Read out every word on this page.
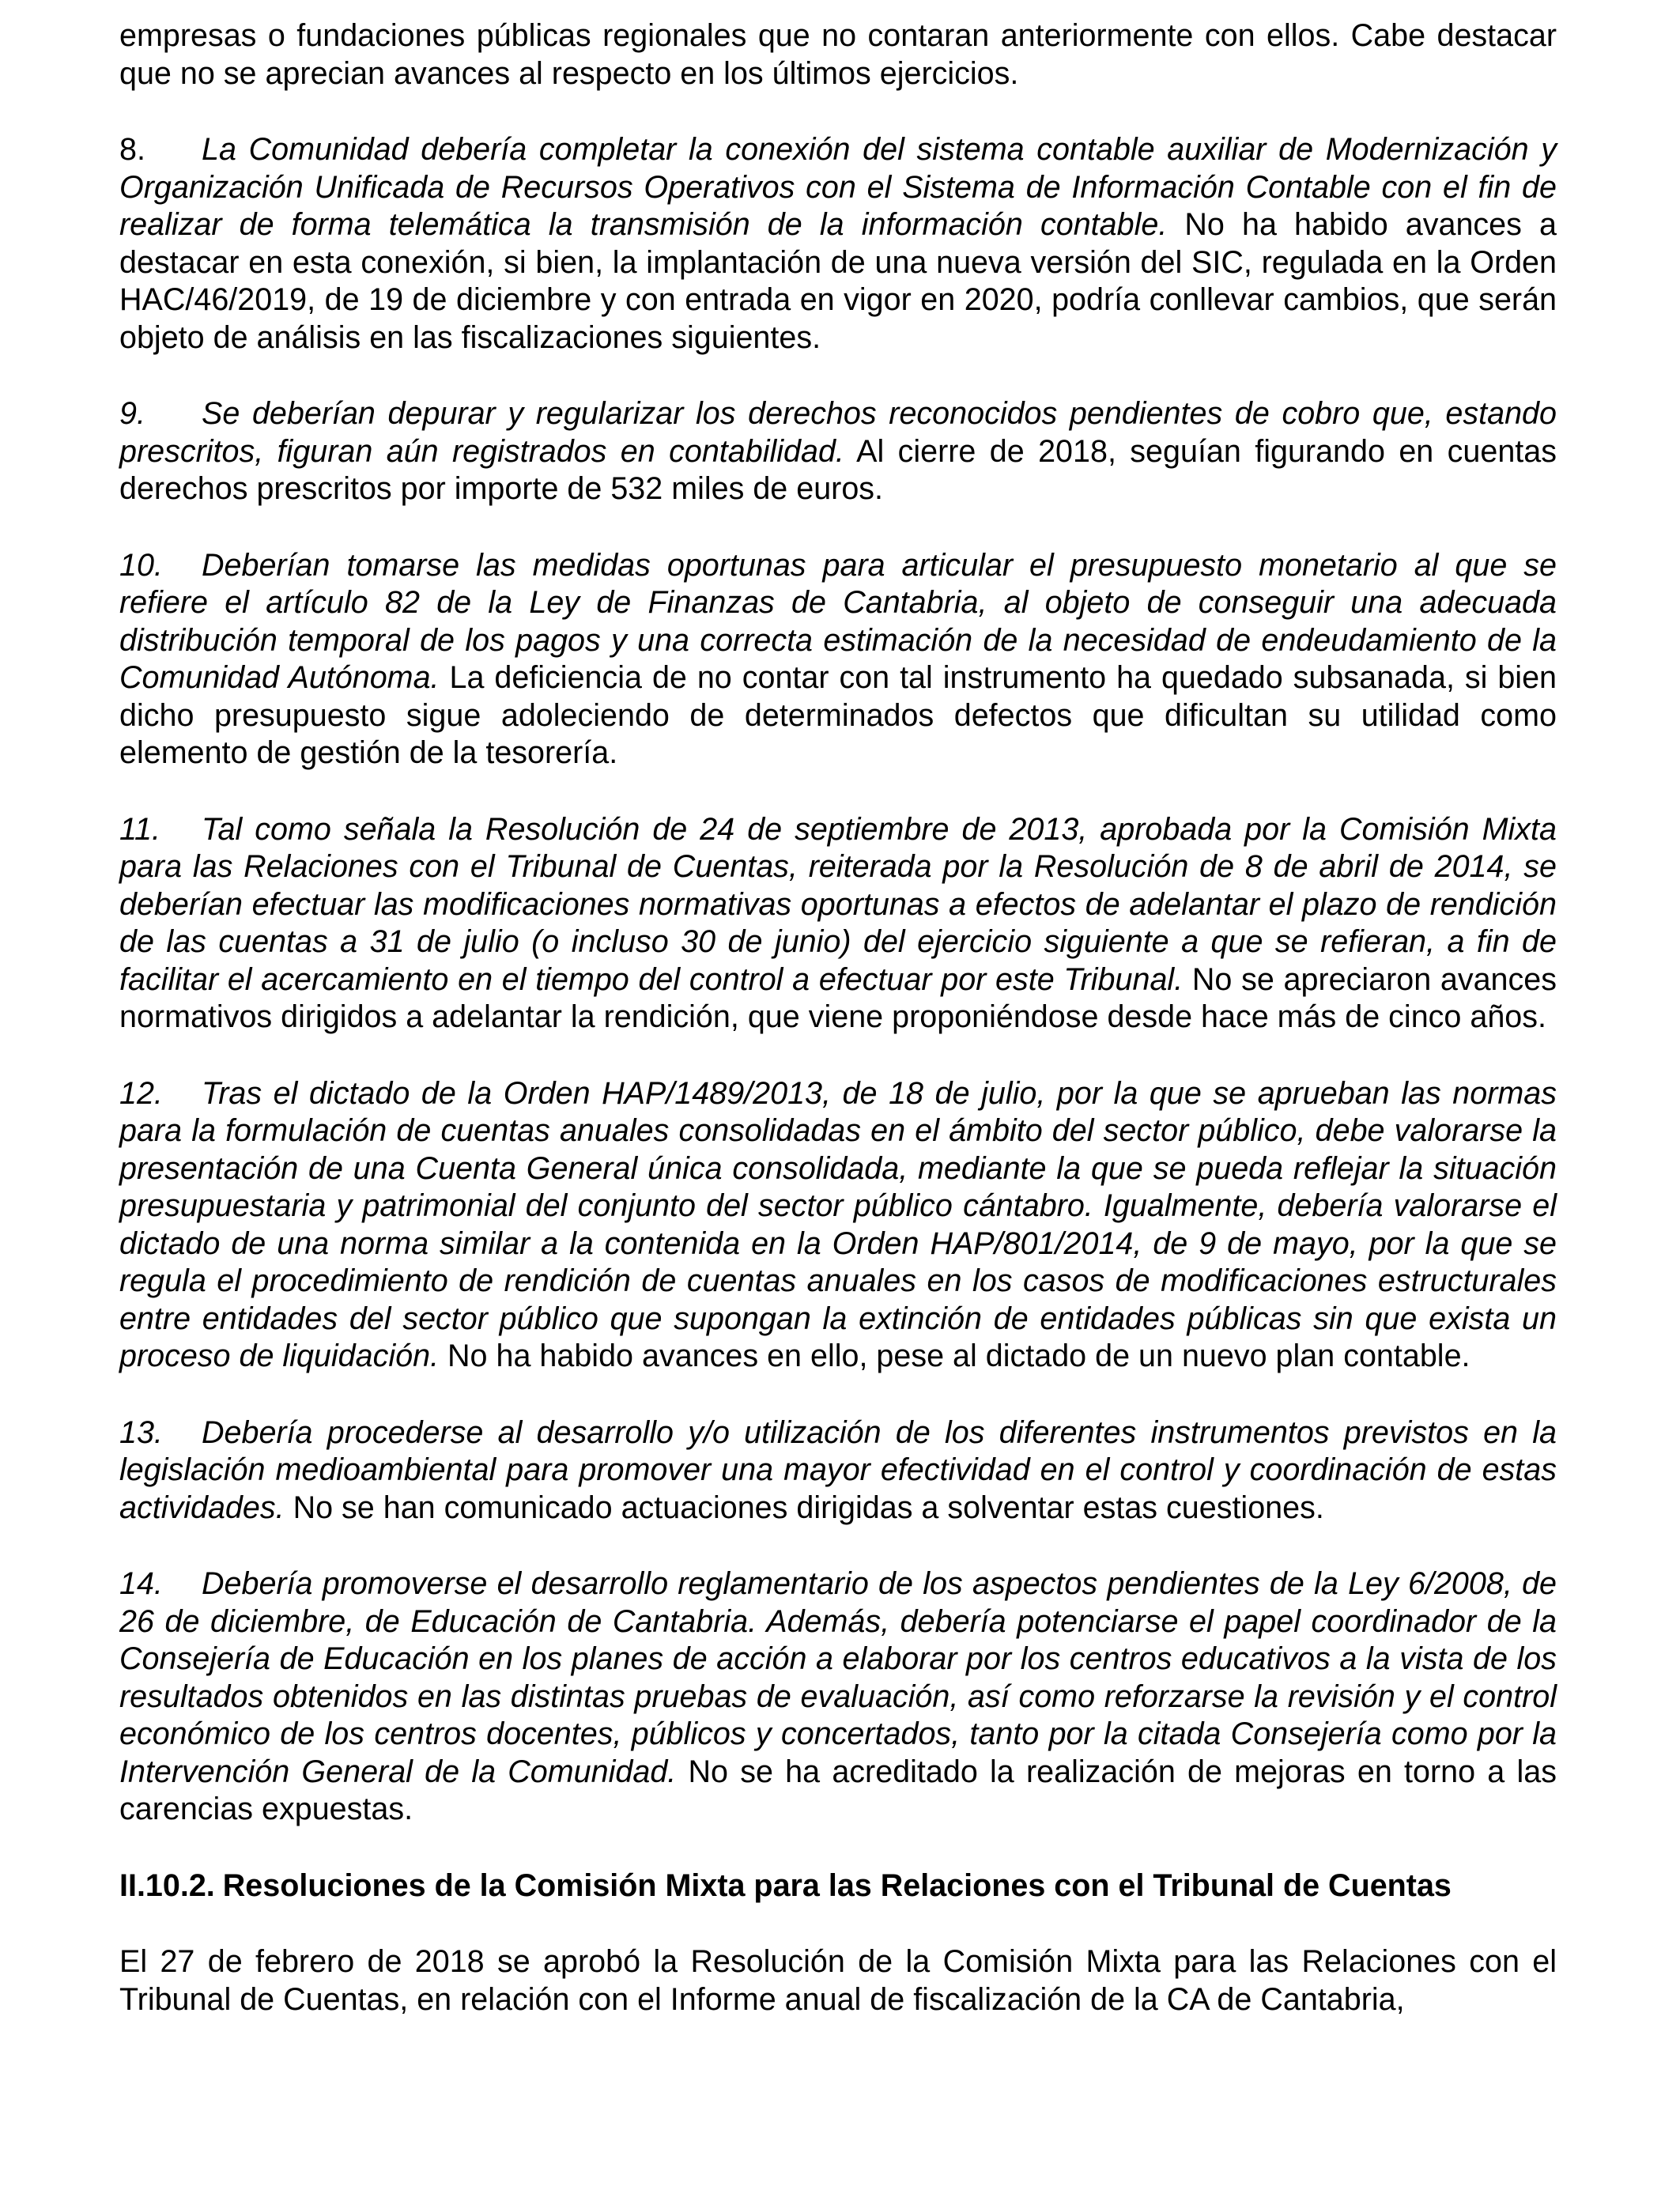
empresas o fundaciones públicas regionales que no contaran anteriormente con ellos. Cabe destacar que no se aprecian avances al respecto en los últimos ejercicios.

8. La Comunidad debería completar la conexión del sistema contable auxiliar de Modernización y Organización Unificada de Recursos Operativos con el Sistema de Información Contable con el fin de realizar de forma telemática la transmisión de la información contable. No ha habido avances a destacar en esta conexión, si bien, la implantación de una nueva versión del SIC, regulada en la Orden HAC/46/2019, de 19 de diciembre y con entrada en vigor en 2020, podría conllevar cambios, que serán objeto de análisis en las fiscalizaciones siguientes.

9. Se deberían depurar y regularizar los derechos reconocidos pendientes de cobro que, estando prescritos, figuran aún registrados en contabilidad. Al cierre de 2018, seguían figurando en cuentas derechos prescritos por importe de 532 miles de euros.

10. Deberían tomarse las medidas oportunas para articular el presupuesto monetario al que se refiere el artículo 82 de la Ley de Finanzas de Cantabria, al objeto de conseguir una adecuada distribución temporal de los pagos y una correcta estimación de la necesidad de endeudamiento de la Comunidad Autónoma. La deficiencia de no contar con tal instrumento ha quedado subsanada, si bien dicho presupuesto sigue adoleciendo de determinados defectos que dificultan su utilidad como elemento de gestión de la tesorería.

11. Tal como señala la Resolución de 24 de septiembre de 2013, aprobada por la Comisión Mixta para las Relaciones con el Tribunal de Cuentas, reiterada por la Resolución de 8 de abril de 2014, se deberían efectuar las modificaciones normativas oportunas a efectos de adelantar el plazo de rendición de las cuentas a 31 de julio (o incluso 30 de junio) del ejercicio siguiente a que se refieran, a fin de facilitar el acercamiento en el tiempo del control a efectuar por este Tribunal. No se apreciaron avances normativos dirigidos a adelantar la rendición, que viene proponiéndose desde hace más de cinco años.

12. Tras el dictado de la Orden HAP/1489/2013, de 18 de julio, por la que se aprueban las normas para la formulación de cuentas anuales consolidadas en el ámbito del sector público, debe valorarse la presentación de una Cuenta General única consolidada, mediante la que se pueda reflejar la situación presupuestaria y patrimonial del conjunto del sector público cántabro. Igualmente, debería valorarse el dictado de una norma similar a la contenida en la Orden HAP/801/2014, de 9 de mayo, por la que se regula el procedimiento de rendición de cuentas anuales en los casos de modificaciones estructurales entre entidades del sector público que supongan la extinción de entidades públicas sin que exista un proceso de liquidación. No ha habido avances en ello, pese al dictado de un nuevo plan contable.

13. Debería procederse al desarrollo y/o utilización de los diferentes instrumentos previstos en la legislación medioambiental para promover una mayor efectividad en el control y coordinación de estas actividades. No se han comunicado actuaciones dirigidas a solventar estas cuestiones.

14. Debería promoverse el desarrollo reglamentario de los aspectos pendientes de la Ley 6/2008, de 26 de diciembre, de Educación de Cantabria. Además, debería potenciarse el papel coordinador de la Consejería de Educación en los planes de acción a elaborar por los centros educativos a la vista de los resultados obtenidos en las distintas pruebas de evaluación, así como reforzarse la revisión y el control económico de los centros docentes, públicos y concertados, tanto por la citada Consejería como por la Intervención General de la Comunidad. No se ha acreditado la realización de mejoras en torno a las carencias expuestas.

II.10.2. Resoluciones de la Comisión Mixta para las Relaciones con el Tribunal de Cuentas

El 27 de febrero de 2018 se aprobó la Resolución de la Comisión Mixta para las Relaciones con el Tribunal de Cuentas, en relación con el Informe anual de fiscalización de la CA de Cantabria,
